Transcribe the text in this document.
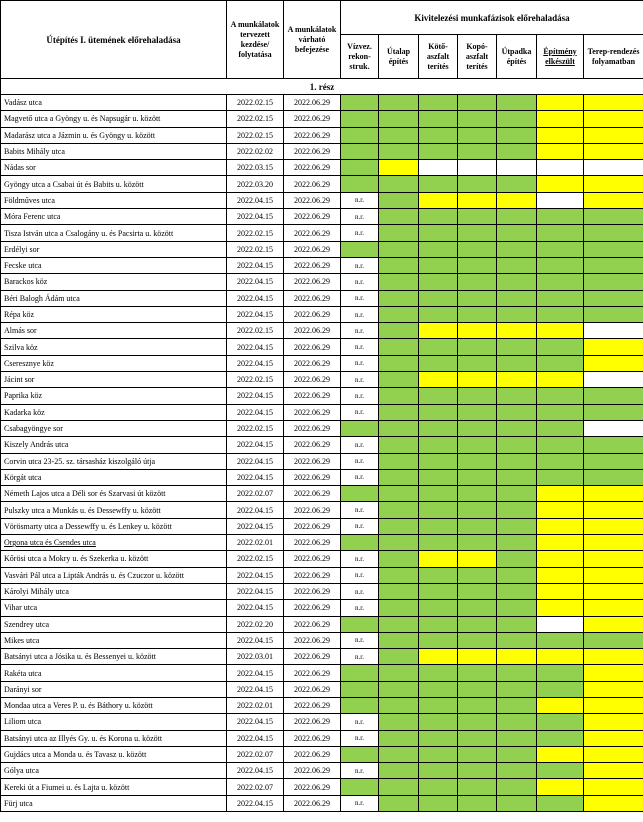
Útépítés I. ütemének előrehaladása	A munkálatok tervezett kezdése/ folytatása	A munkálatok várható befejezése	Kivitelezési munkafázisok előrehaladása						
			Vízvez. rekon-struk.	Útalap építés	Kötő-aszfalt terítés	Kopó-aszfalt terítés	Útpadka építés	Építmény elkészült	Terep-rendezés folyamatban
1. rész									
Vadász utca	2022.02.15	2022.06.29							
Magvető utca a Gyöngy u. és Napsugár u. között	2022.02.15	2022.06.29							
Madarász utca a Jázmin u. és Gyöngy u. között	2022.02.15	2022.06.29							
Babits Mihály utca	2022.02.02	2022.06.29							
Nádas sor	2022.03.15	2022.06.29							
Gyöngy utca a Csabai út és Babits u. között	2022.03.20	2022.06.29							
Földműves utca	2022.04.15	2022.06.29	n.r.						
Móra Ferenc utca	2022.04.15	2022.06.29	n.r.						
Tisza István utca a Csalogány u. és Pacsirta u. között	2022.02.15	2022.06.29	n.r.						
Erdélyi sor	2022.02.15	2022.06.29							
Fecske utca	2022.04.15	2022.06.29	n.r.						
Barackos köz	2022.04.15	2022.06.29	n.r.						
Béri Balogh Ádám utca	2022.04.15	2022.06.29	n.r.						
Répa köz	2022.04.15	2022.06.29	n.r.						
Almás sor	2022.02.15	2022.06.29	n.r.						
Szilva köz	2022.04.15	2022.06.29	n.r.						
Cseresznye köz	2022.04.15	2022.06.29	n.r.						
Jácint sor	2022.02.15	2022.06.29	n.r.						
Paprika köz	2022.04.15	2022.06.29	n.r.						
Kadarka köz	2022.04.15	2022.06.29	n.r.						
Csabagyöngye sor	2022.02.15	2022.06.29							
Kiszely András utca	2022.04.15	2022.06.29	n.r.						
Corvin utca 23-25. sz. társasház kiszolgáló útja	2022.04.15	2022.06.29	n.r.						
Körgát utca	2022.04.15	2022.06.29	n.r.						
Németh Lajos utca a Déli sor és Szarvasi út között	2022.02.07	2022.06.29							
Pulszky utca a Munkás u. és Dessewffy u. között	2022.04.15	2022.06.29	n.r.						
Vörösmarty utca a Dessewffy u. és Lenkey u. között	2022.04.15	2022.06.29	n.r.						
Orgona utca és Csendes utca	2022.02.01	2022.06.29							
Kőrösi utca a Mokry u. és Szekerka u. között	2022.02.15	2022.06.29	n.r.						
Vasvári Pál utca a Lipták András u. és Czuczor u. között	2022.04.15	2022.06.29	n.r.						
Károlyi Mihály utca	2022.04.15	2022.06.29	n.r.						
Vihar utca	2022.04.15	2022.06.29	n.r.						
Szendrey utca	2022.02.20	2022.06.29							
Mikes utca	2022.04.15	2022.06.29	n.r.						
Batsányi utca a Jósika u. és Bessenyei u. között	2022.03.01	2022.06.29	n.r.						
Rakéta utca	2022.04.15	2022.06.29							
Darányi sor	2022.04.15	2022.06.29							
Mondaa utca a Veres P. u. és Báthory u. között	2022.02.01	2022.06.29							
Liliom utca	2022.04.15	2022.06.29	n.r.						
Batsányi utca az Illyés Gy. u. és Korona u. között	2022.04.15	2022.06.29	n.r.						
Gujdács utca a Monda u. és Tavasz u. között	2022.02.07	2022.06.29							
Gólya utca	2022.04.15	2022.06.29	n.r.						
Kereki út a Fiumei u. és Lajta u. között	2022.02.07	2022.06.29							
Fürj utca	2022.04.15	2022.06.29	n.r.						
